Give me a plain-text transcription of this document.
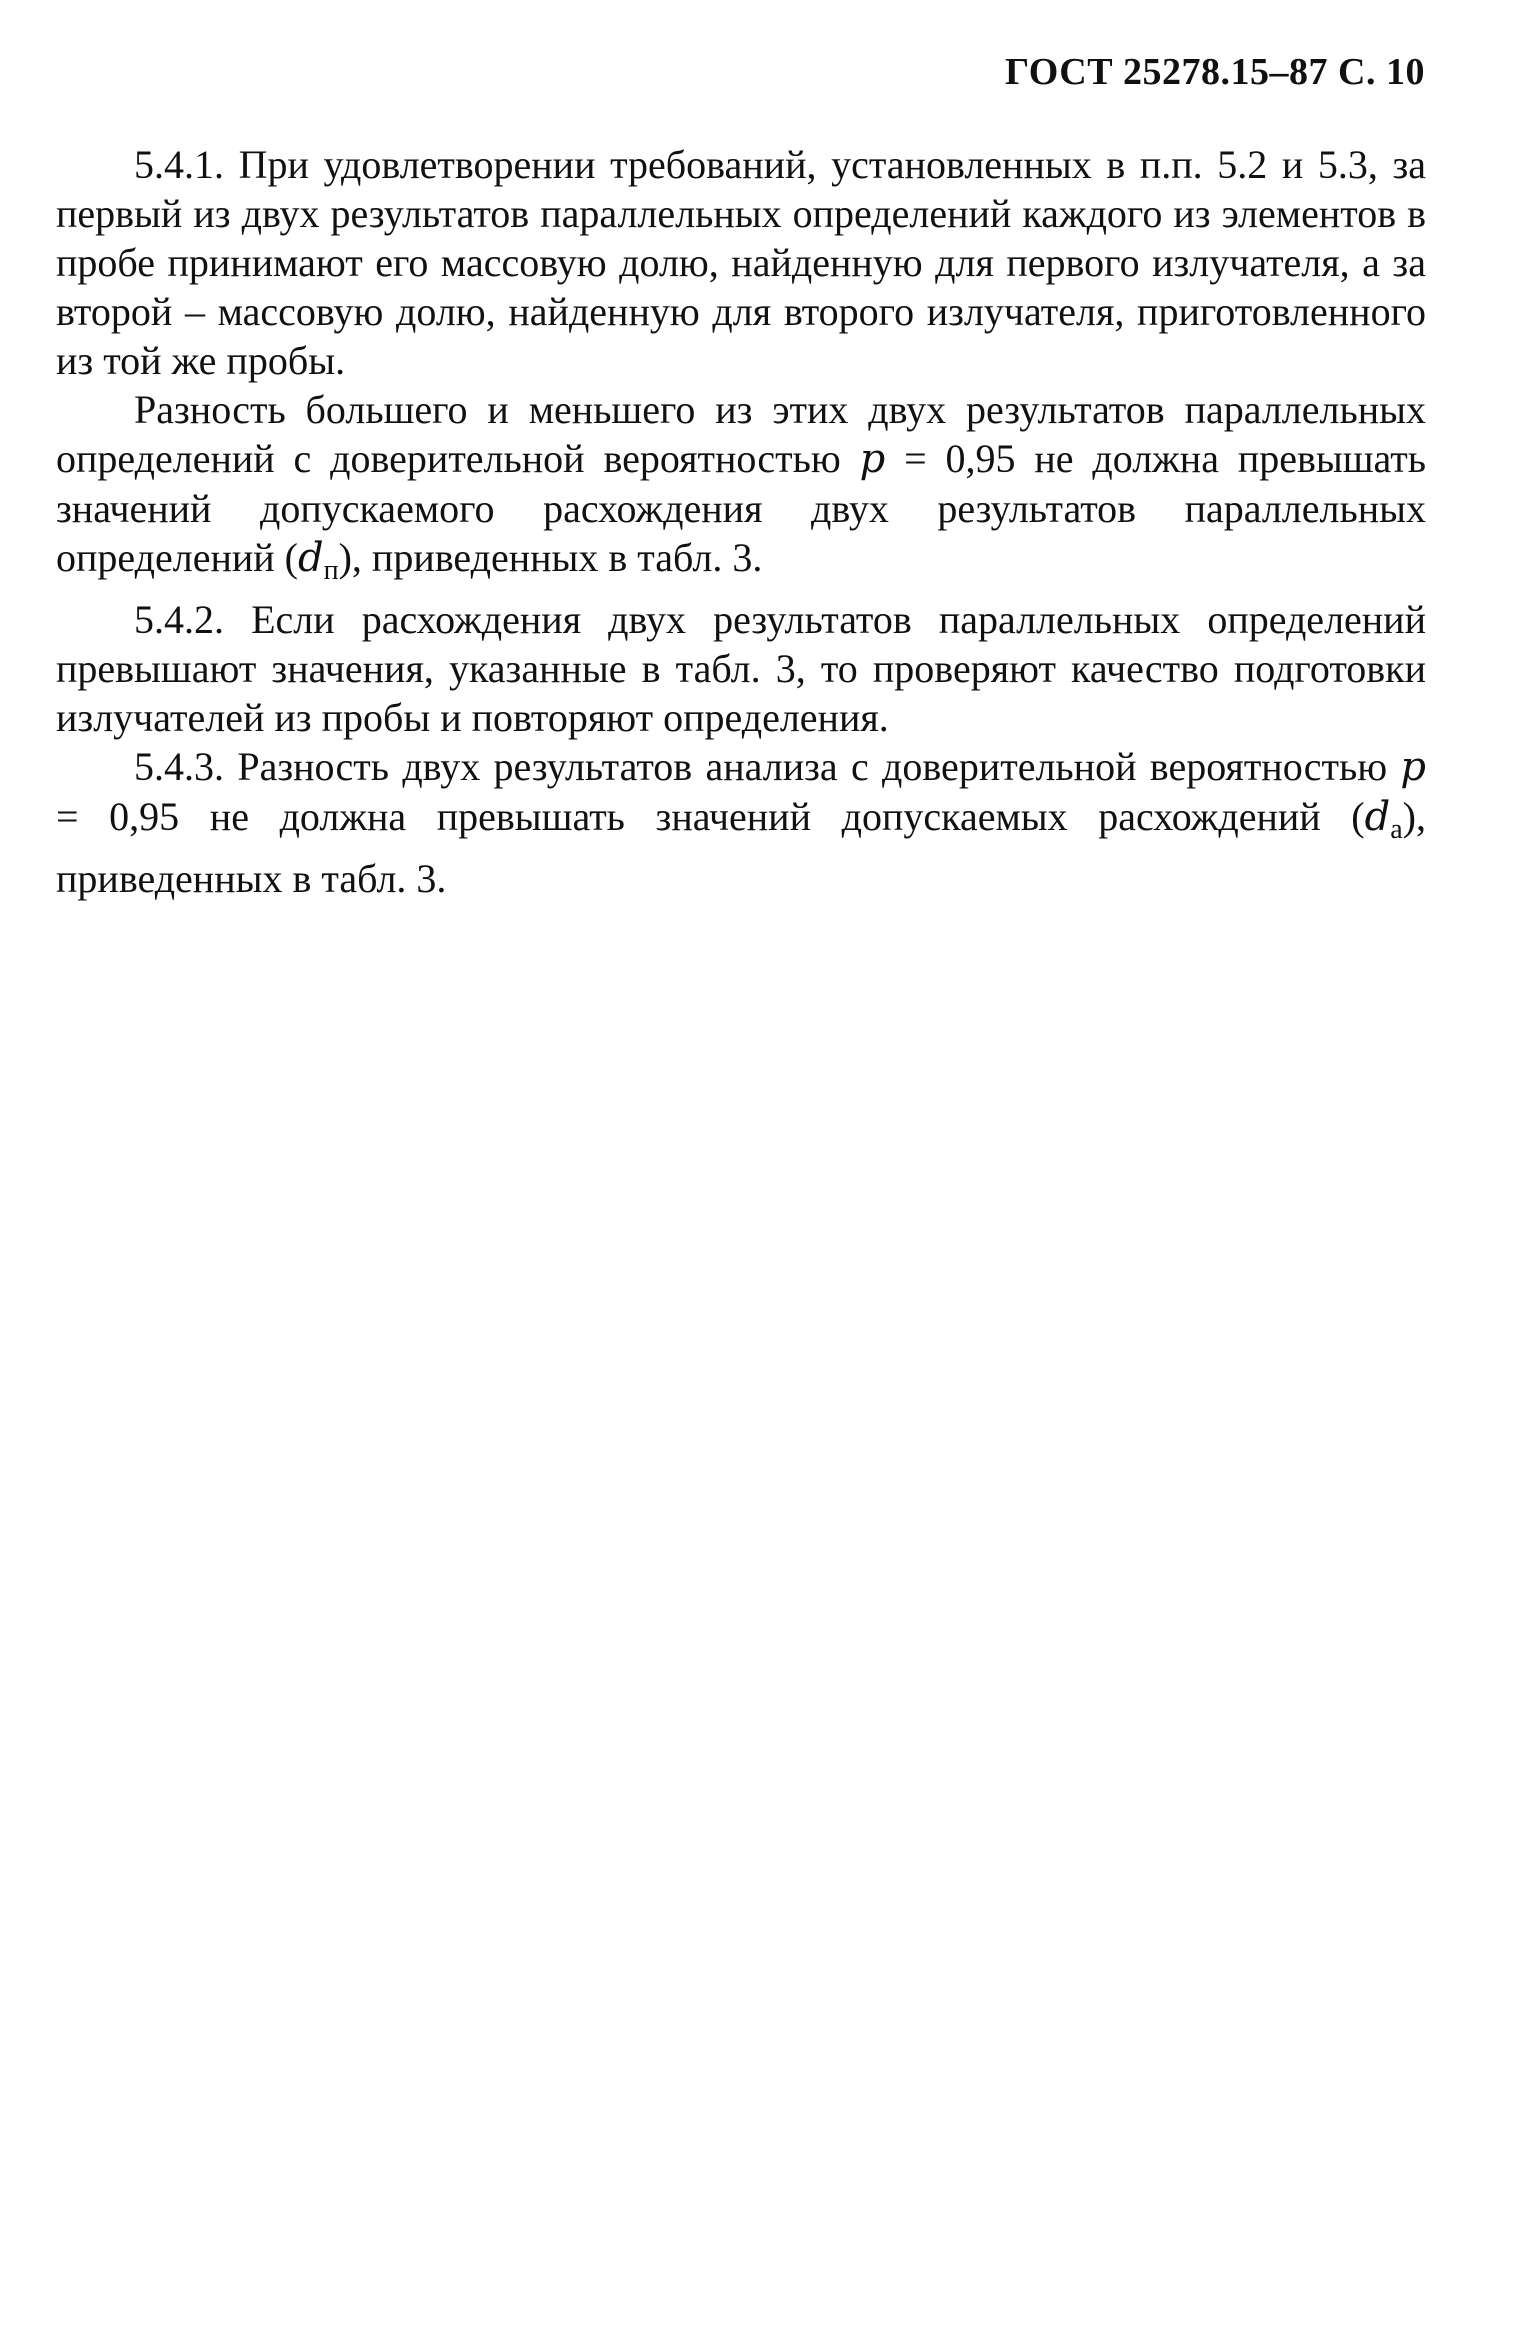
ГОСТ 25278.15–87 С. 10

5.4.1. При удовлетворении требований, установленных в п.п. 5.2 и 5.3, за первый из двух результатов параллельных определений каждого из элементов в пробе принимают его массовую долю, найденную для первого излучателя, а за второй – массовую долю, найденную для второго излучателя, приготовленного из той же пробы.

Разность большего и меньшего из этих двух результатов параллельных определений с доверительной вероятностью p = 0,95 не должна превышать значений допускаемого расхождения двух результатов параллельных определений $(d_п)$, приведенных в табл. 3.

5.4.2. Если расхождения двух результатов параллельных определений превышают значения, указанные в табл. 3, то проверяют качество подготовки излучателей из пробы и повторяют определения.

5.4.3. Разность двух результатов анализа с доверительной вероятностью p = 0,95 не должна превышать значений допускаемых расхождений $(d_а)$, приведенных в табл. 3.
